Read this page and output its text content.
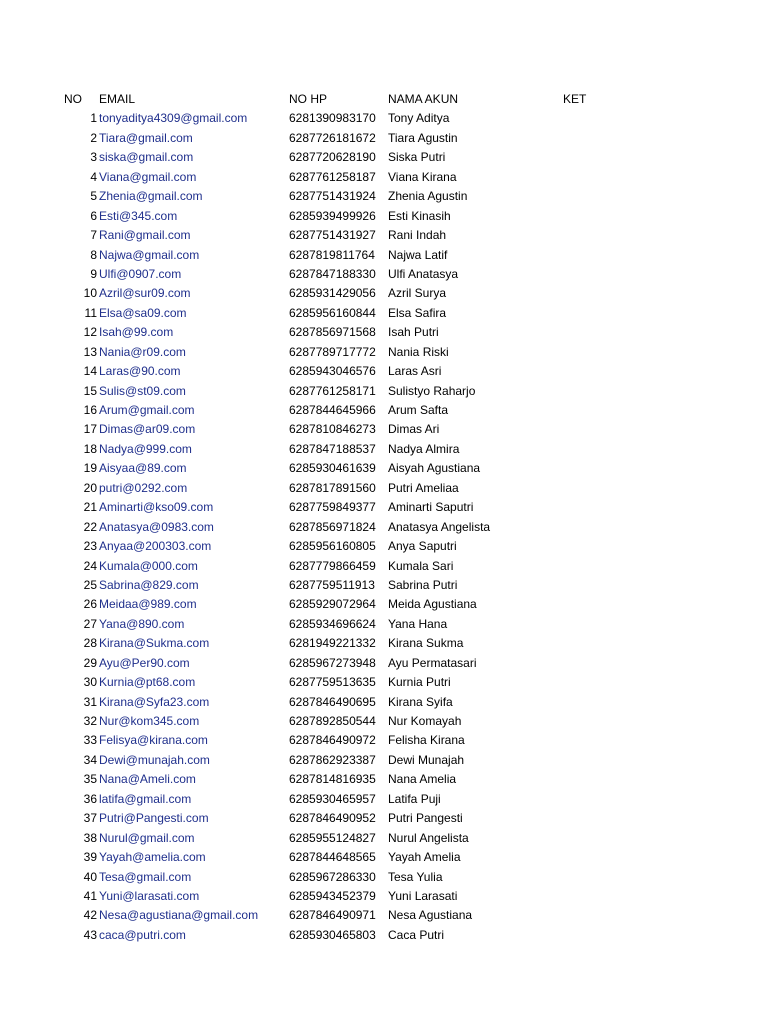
NO EMAIL	NO HP	NAMA AKUN	KET
1 tonyaditya4309@gmail.com	6281390983170 Tony Aditya
2 Tiara@gmail.com	6287726181672 Tiara Agustin
3 siska@gmail.com	6287720628190 Siska Putri
4 Viana@gmail.com	6287761258187 Viana Kirana
5 Zhenia@gmail.com	6287751431924 Zhenia Agustin
6 Esti@345.com	6285939499926 Esti Kinasih
7 Rani@gmail.com	6287751431927 Rani Indah
8 Najwa@gmail.com	6287819811764 Najwa Latif
9 Ulfi@0907.com	6287847188330 Ulfi Anatasya
10 Azril@sur09.com	6285931429056 Azril Surya
11 Elsa@sa09.com	6285956160844 Elsa Safira
12 Isah@99.com	6287856971568 Isah Putri
13 Nania@r09.com	6287789717772 Nania Riski
14 Laras@90.com	6285943046576 Laras Asri
15 Sulis@st09.com	6287761258171 Sulistyo Raharjo
16 Arum@gmail.com	6287844645966 Arum Safta
17 Dimas@ar09.com	6287810846273 Dimas Ari
18 Nadya@999.com	6287847188537 Nadya Almira
19 Aisyaa@89.com	6285930461639 Aisyah Agustiana
20 putri@0292.com	6287817891560 Putri Ameliaa
21 Aminarti@kso09.com	6287759849377 Aminarti Saputri
22 Anatasya@0983.com	6287856971824 Anatasya Angelista
23 Anyaa@200303.com	6285956160805 Anya Saputri
24 Kumala@000.com	6287779866459 Kumala Sari
25 Sabrina@829.com	6287759511913 Sabrina Putri
26 Meidaa@989.com	6285929072964 Meida Agustiana
27 Yana@890.com	6285934696624 Yana Hana
28 Kirana@Sukma.com	6281949221332 Kirana Sukma
29 Ayu@Per90.com	6285967273948 Ayu Permatasari
30 Kurnia@pt68.com	6287759513635 Kurnia Putri
31 Kirana@Syfa23.com	6287846490695 Kirana Syifa
32 Nur@kom345.com	6287892850544 Nur Komayah
33 Felisya@kirana.com	6287846490972 Felisha Kirana
34 Dewi@munajah.com	6287862923387 Dewi Munajah
35 Nana@Ameli.com	6287814816935 Nana Amelia
36 latifa@gmail.com	6285930465957 Latifa Puji
37 Putri@Pangesti.com	6287846490952 Putri Pangesti
38 Nurul@gmail.com	6285955124827 Nurul Angelista
39 Yayah@amelia.com	6287844648565 Yayah Amelia
40 Tesa@gmail.com	6285967286330 Tesa Yulia
41 Yuni@larasati.com	6285943452379 Yuni Larasati
42 Nesa@agustiana@gmail.com	6287846490971 Nesa Agustiana
43 caca@putri.com	6285930465803 Caca Putri
